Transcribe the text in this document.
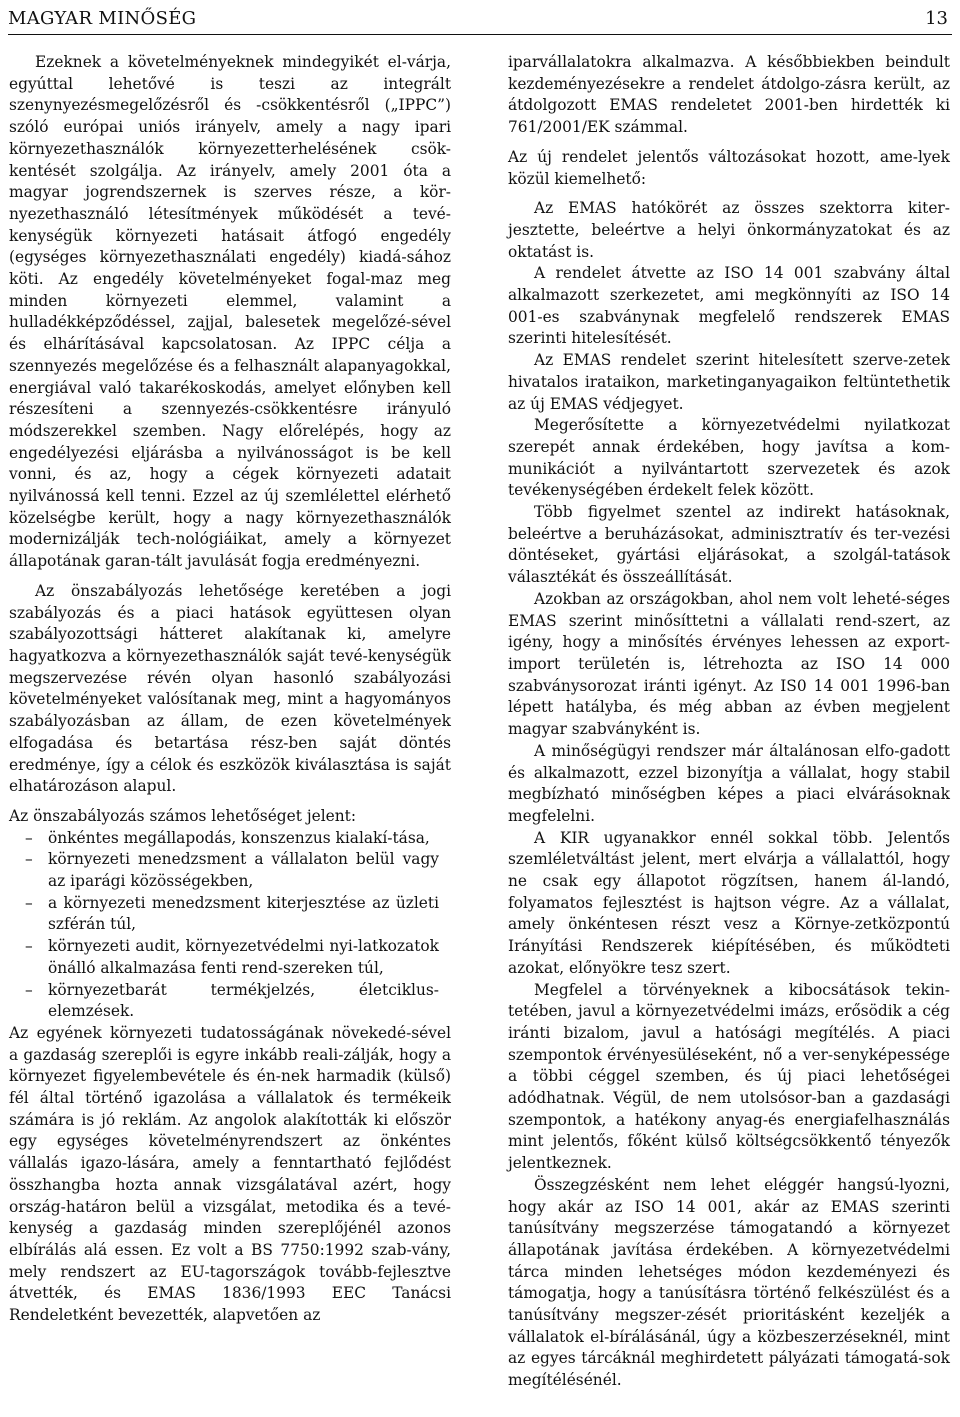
MAGYAR MINŐSÉG	13

Ezeknek a követelményeknek mindegyikét el-várja, egyúttal lehetővé is teszi az integrált szenynyezésmegelőzésről és -csökkentésről („IPPC”) szóló európai uniós irányelv, amely a nagy ipari környezethasználók környezetterhelésének csök-kentését szolgálja. Az irányelv, amely 2001 óta a magyar jogrendszernek is szerves része, a kör-nyezethasználó létesítmények működését a tevé-kenységük környezeti hatásait átfogó engedély (egységes környezethasználati engedély) kiadá-sához köti. Az engedély követelményeket fogal-maz meg minden környezeti elemmel, valamint a hulladékképződéssel, zajjal, balesetek megelőzé-sével és elhárításával kapcsolatosan. Az IPPC célja a szennyezés megelőzése és a felhasznált alapanyagokkal, energiával való takarékoskodás, amelyet előnyben kell részesíteni a szennyezés-csökkentésre irányuló módszerekkel szemben. Nagy előrelépés, hogy az engedélyezési eljárásba a nyilvánosságot is be kell vonni, és az, hogy a cégek környezeti adatait nyilvánossá kell tenni. Ezzel az új szemlélettel elérhető közelségbe került, hogy a nagy környezethasználók modernizálják tech-nológiáikat, amely a környezet állapotának garan-tált javulását fogja eredményezni.

Az önszabályozás lehetősége keretében a jogi szabályozás és a piaci hatások együttesen olyan szabályozottsági hátteret alakítanak ki, amelyre hagyatkozva a környezethasználók saját tevé-kenységük megszervezése révén olyan hasonló szabályozási követelményeket valósítanak meg, mint a hagyományos szabályozásban az állam, de ezen követelmények elfogadása és betartása rész-ben saját döntés eredménye, így a célok és eszközök kiválasztása is saját elhatározáson alapul.

Az önszabályozás számos lehetőséget jelent:

– önkéntes megállapodás, konszenzus kialakí-tása,
– környezeti menedzsment a vállalaton belül vagy az iparági közösségekben,
– a környezeti menedzsment kiterjesztése az üzleti szférán túl,
– környezeti audit, környezetvédelmi nyi-latkozatok önálló alkalmazása fenti rend-szereken túl,
– környezetbarát termékjelzés, életciklus-elemzések.

Az egyének környezeti tudatosságának növekedé-sével a gazdaság szereplői is egyre inkább reali-zálják, hogy a környezet figyelembevétele és én-nek harmadik (külső) fél által történő igazolása a vállalatok és termékeik számára is jó reklám. Az angolok alakították ki először egy egységes követelményrendszert az önkéntes vállalás igazo-lására, amely a fenntartható fejlődést összhangba hozta annak vizsgálatával azért, hogy ország-határon belül a vizsgálat, metodika és a tevé-kenység a gazdaság minden szereplőjénél azonos elbírálás alá essen. Ez volt a BS 7750:1992 szab-vány, mely rendszert az EU-tagországok tovább-fejlesztve átvették, és EMAS 1836/1993 EEC Tanácsi Rendeletként bevezették, alapvetően az

iparvállalatokra alkalmazva. A későbbiekben beindult kezdeményezésekre a rendelet átdolgo-zásra került, az átdolgozott EMAS rendeletet 2001-ben hirdették ki 761/2001/EK számmal.

Az új rendelet jelentős változásokat hozott, ame-lyek közül kiemelhető:

Az EMAS hatókörét az összes szektorra kiter-jesztette, beleértve a helyi önkormányzatokat és az oktatást is.

A rendelet átvette az ISO 14 001 szabvány által alkalmazott szerkezetet, ami megkönnyíti az ISO 14 001-es szabványnak megfelelő rendszerek EMAS szerinti hitelesítését.

Az EMAS rendelet szerint hitelesített szerve-zetek hivatalos irataikon, marketinganyagaikon feltüntethetik az új EMAS védjegyet.

Megerősítette a környezetvédelmi nyilatkozat szerepét annak érdekében, hogy javítsa a kom-munikációt a nyilvántartott szervezetek és azok tevékenységében érdekelt felek között.

Több figyelmet szentel az indirekt hatásoknak, beleértve a beruházásokat, adminisztratív és ter-vezési döntéseket, gyártási eljárásokat, a szolgál-tatások választékát és összeállítását.

Azokban az országokban, ahol nem volt leheté-séges EMAS szerint minősíttetni a vállalati rend-szert, az igény, hogy a minősítés érvényes lehessen az export-import területén is, létrehozta az ISO 14 000 szabványsorozat iránti igényt. Az IS0 14 001 1996-ban lépett hatályba, és még abban az évben megjelent magyar szabványként is.

A minőségügyi rendszer már általánosan elfo-gadott és alkalmazott, ezzel bizonyítja a vállalat, hogy stabil megbízható minőségben képes a piaci elvárásoknak megfelelni.

A KIR ugyanakkor ennél sokkal több. Jelentős szemléletváltást jelent, mert elvárja a vállalattól, hogy ne csak egy állapotot rögzítsen, hanem ál-landó, folyamatos fejlesztést is hajtson végre. Az a vállalat, amely önkéntesen részt vesz a Környe-zetközpontú Irányítási Rendszerek kiépítésében, és működteti azokat, előnyökre tesz szert.

Megfelel a törvényeknek a kibocsátások tekin-tetében, javul a környezetvédelmi imázs, erősödik a cég iránti bizalom, javul a hatósági megítélés. A piaci szempontok érvényesüléseként, nő a ver-senyképessége a többi céggel szemben, és új piaci lehetőségei adódhatnak. Végül, de nem utolsósor-ban a gazdasági szempontok, a hatékony anyag-és energiafelhasználás mint jelentős, főként külső költségcsökkentő tényezők jelentkeznek.

Összegzésként nem lehet eléggér hangsú-lyozni, hogy akár az ISO 14 001, akár az EMAS szerinti tanúsítvány megszerzése támogatandó a környezet állapotának javítása érdekében. A környezetvédelmi tárca minden lehetséges módon kezdeményezi és támogatja, hogy a tanúsításra történő felkészülést és a tanúsítvány megszer-zését prioritásként kezeljék a vállalatok el-bírálásánál, úgy a közbeszerzéseknél, mint az egyes tárcáknál meghirdetett pályázati támogatá-sok megítélésénél.
